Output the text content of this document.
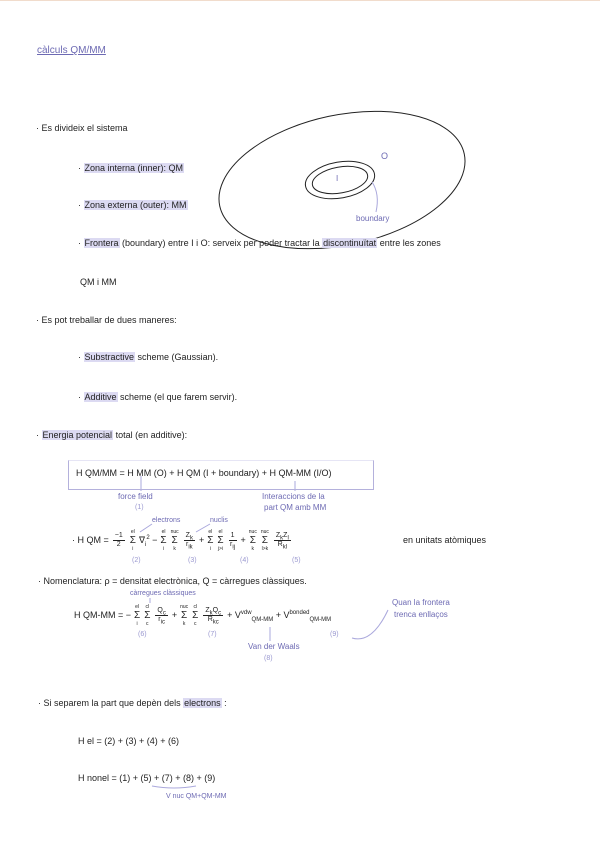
càlculs QM/MM
· Es divideix el sistema
· Zona interna (inner): QM
· Zona externa (outer): MM
O
I
boundary
· Frontera (boundary) entre I i O: serveix per poder tractar la discontinuïtat entre les zones
QM i MM
· Es pot treballar de dues maneres:
· Substractive scheme (Gaussian).
· Additive scheme (el que farem servir).
· Energia potencial total (en additive):
H QM/MM = H MM (O) + H QM (I + boundary) + H QM-MM (I/O)
force field
(1)
Interaccions de la
part QM amb MM
electrons	nuclis
· H QM = $\frac{-1}{2}$ el
Σ
i
$\nabla_i^2$ −
el
Σ
i
nuc
Σ
k $\frac{Z_k}{r_{ik}}$ +
el
Σ
i
el
Σ
$j>i \frac{1}{r_{ij}}$ +
nuc
Σ
k
nuc
Σ
$l>k \frac{Z_kZ_l}{R_{kl}}$	en unitats atòmiques
(2)	(3)	(4)	(5)
· Nomenclatura: ρ = densitat electrònica, Q = càrregues clàssiques.
càrregues clàssiques
H QM-MM = −
el
Σ
i
cl
Σ
c $\frac{Q_c}{r_{ic}}$ +
nuc
Σ
k
cl
Σ
c $\frac{Z_kQ_c}{R_{kc}} + V^{vdw}_{QM-MM} + V^{bonded}_{QM-MM}$
(6)	(7)
Van der Waals
(8)
(9)
Quan la frontera
trenca enllaços
· Si separem la part que depèn dels electrons :
H el = (2) + (3) + (4) + (6)
H nonel = (1) + (5) + (7) + (8) + (9)
V nuc QM+QM-MM
